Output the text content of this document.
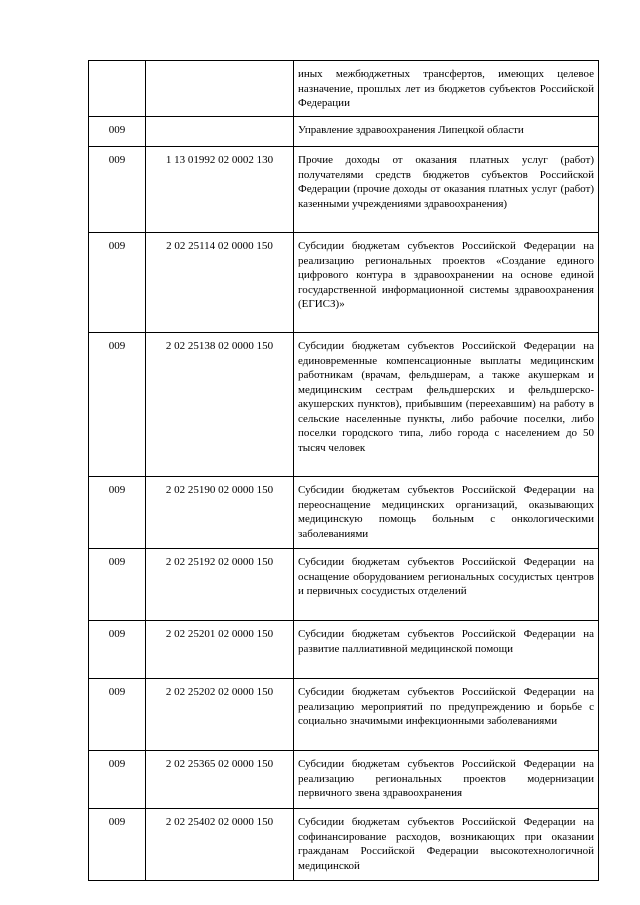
		иных межбюджетных трансфертов, имеющих целевое назначение, прошлых лет из бюджетов субъектов Российской Федерации
009		Управление здравоохранения Липецкой области
009	1 13 01992 02 0002 130	Прочие доходы от оказания платных услуг (работ) получателями средств бюджетов субъектов Российской Федерации (прочие доходы от оказания платных услуг (работ) казенными учреждениями здравоохранения)
009	2 02 25114 02 0000 150	Субсидии бюджетам субъектов Российской Федерации на реализацию региональных проектов «Создание единого цифрового контура в здравоохранении на основе единой государственной информационной системы здравоохранения (ЕГИСЗ)»
009	2 02 25138 02 0000 150	Субсидии бюджетам субъектов Российской Федерации на единовременные компенсационные выплаты медицинским работникам (врачам, фельдшерам, а также акушеркам и медицинским сестрам фельдшерских и фельдшерско-акушерских пунктов), прибывшим (переехавшим) на работу в сельские населенные пункты, либо рабочие поселки, либо поселки городского типа, либо города с населением до 50 тысяч человек
009	2 02 25190 02 0000 150	Субсидии бюджетам субъектов Российской Федерации на переоснащение медицинских организаций, оказывающих медицинскую помощь больным с онкологическими заболеваниями
009	2 02 25192 02 0000 150	Субсидии бюджетам субъектов Российской Федерации на оснащение оборудованием региональных сосудистых центров и первичных сосудистых отделений
009	2 02 25201 02 0000 150	Субсидии бюджетам субъектов Российской Федерации на развитие паллиативной медицинской помощи
009	2 02 25202 02 0000 150	Субсидии бюджетам субъектов Российской Федерации на реализацию мероприятий по предупреждению и борьбе с социально значимыми инфекционными заболеваниями
009	2 02 25365 02 0000 150	Субсидии бюджетам субъектов Российской Федерации на реализацию региональных проектов модернизации первичного звена здравоохранения
009	2 02 25402 02 0000 150	Субсидии бюджетам субъектов Российской Федерации на софинансирование расходов, возникающих при оказании гражданам Российской Федерации высокотехнологичной медицинской
